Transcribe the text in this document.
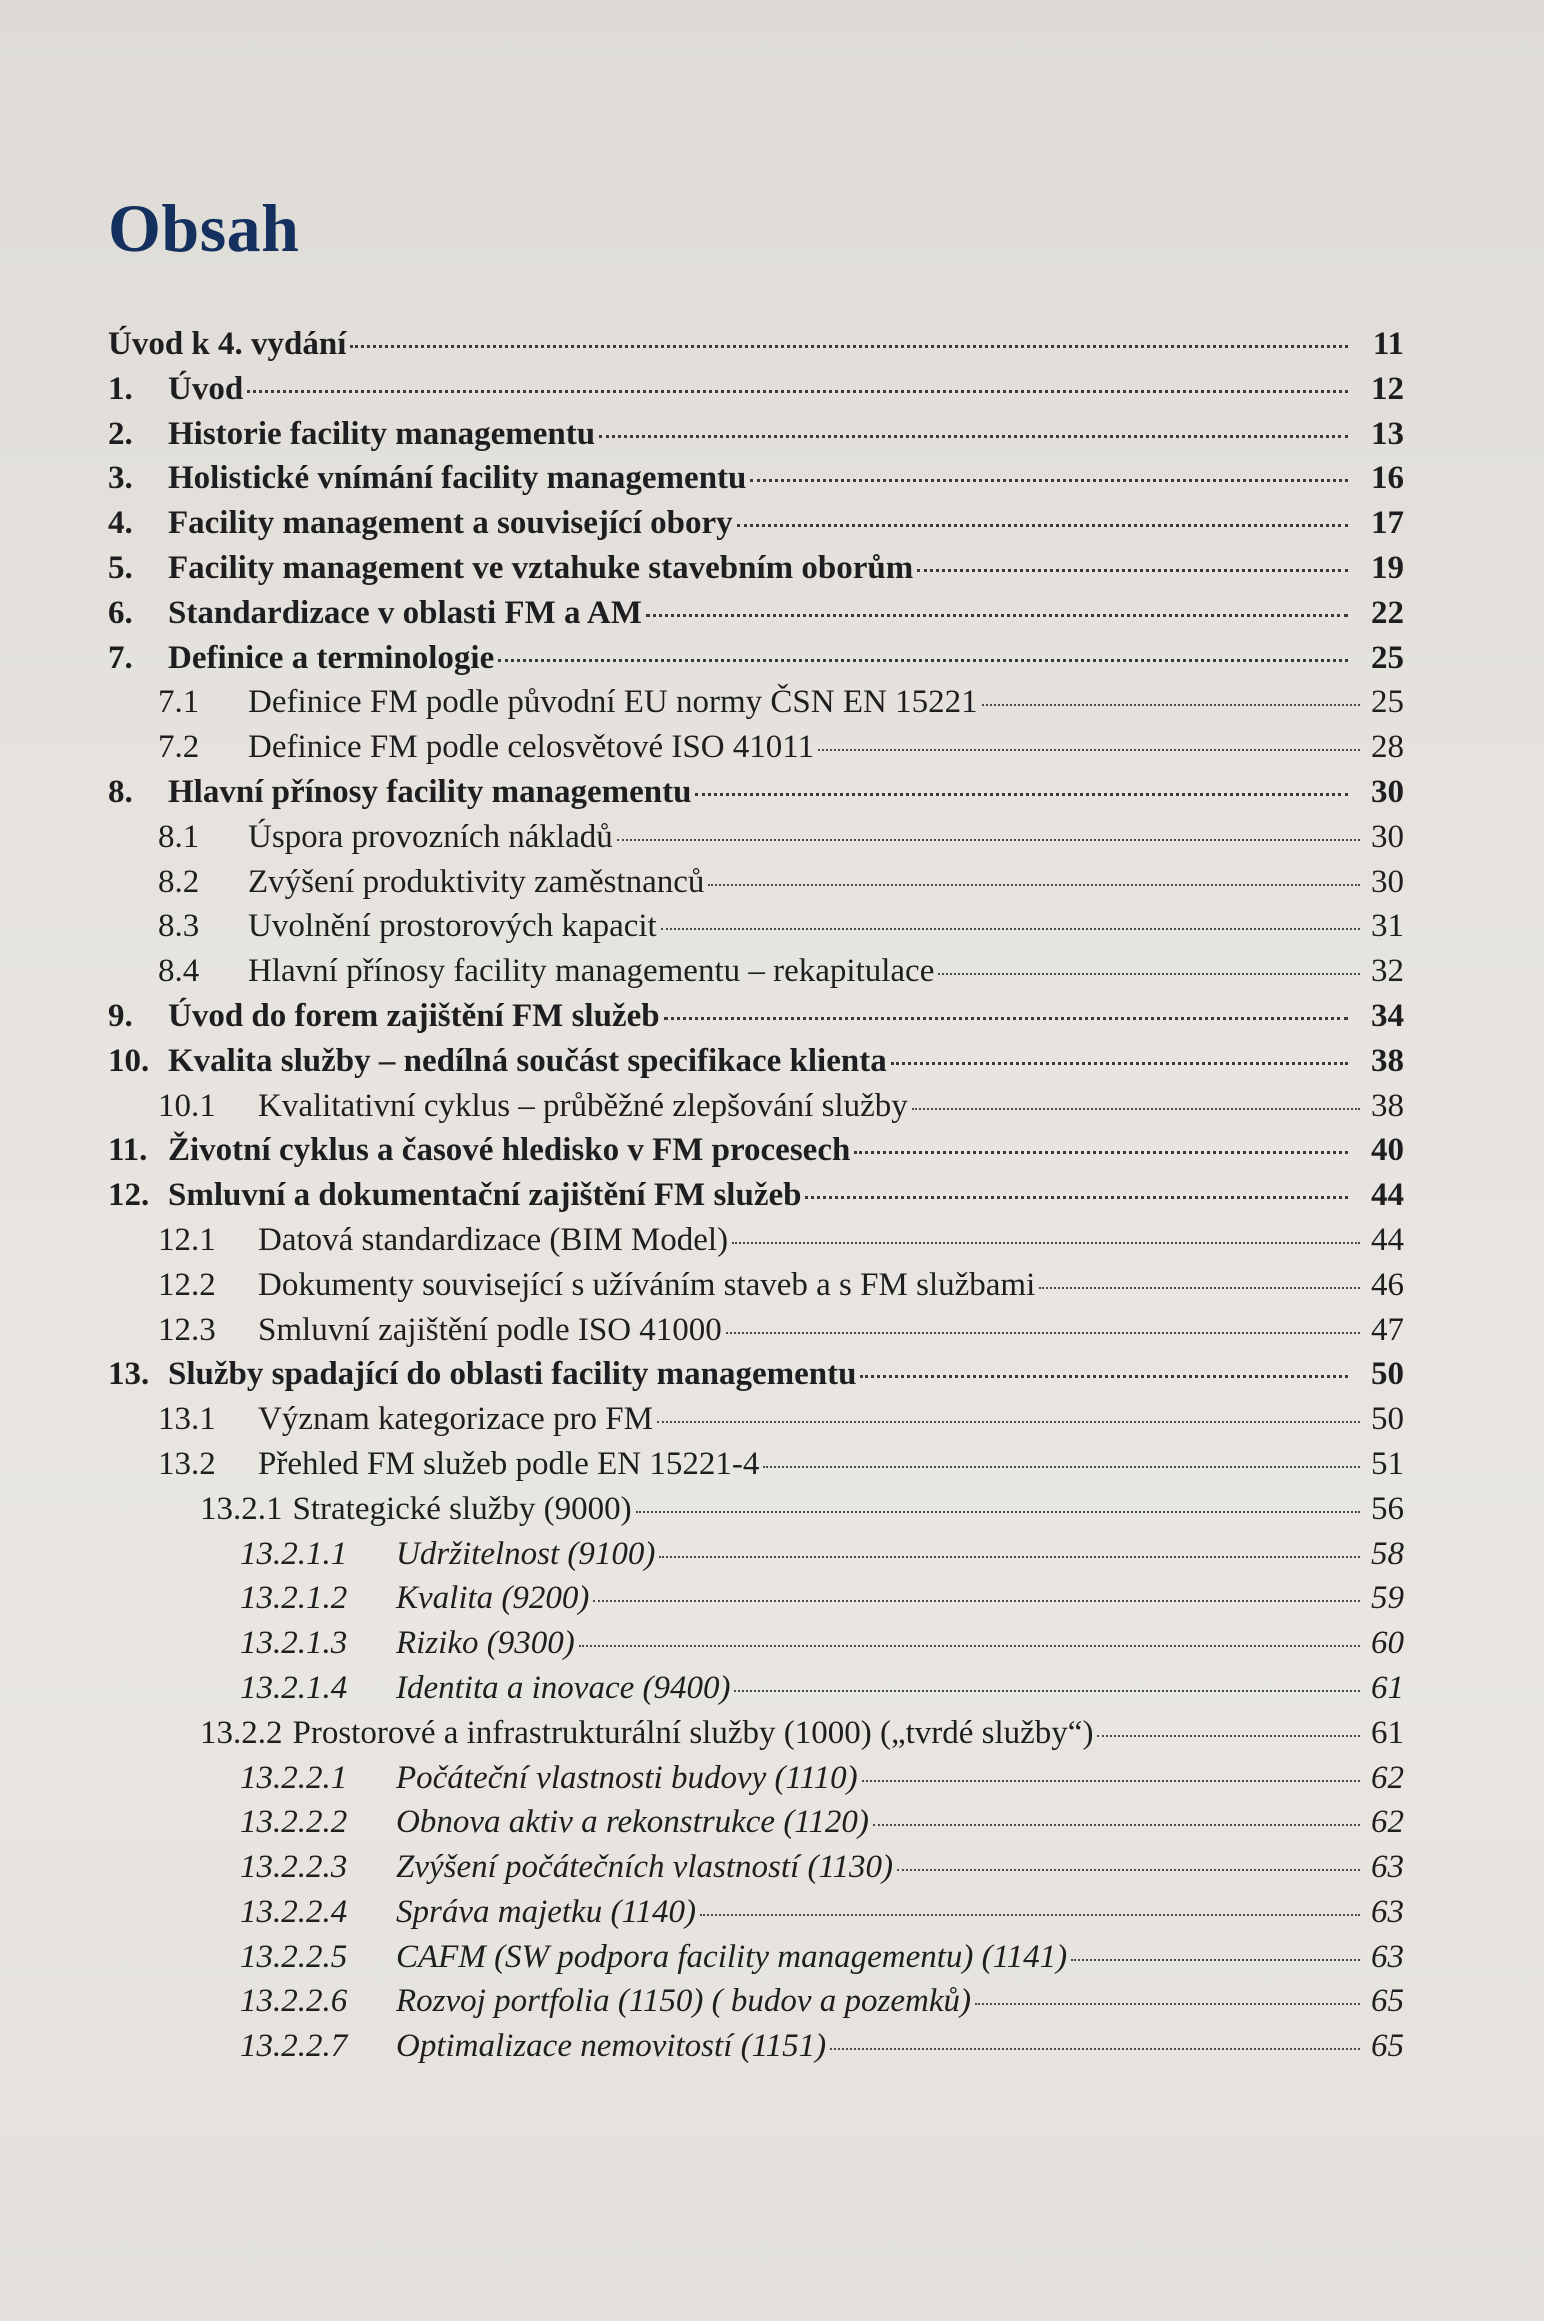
Obsah
Úvod k 4. vydání	11
1.	Úvod	12
2.	Historie facility managementu	13
3.	Holistické vnímání facility managementu	16
4.	Facility management a související obory	17
5.	Facility management ve vztahuke stavebním oborům	19
6.	Standardizace v oblasti FM a AM	22
7.	Definice a terminologie	25
7.1	Definice FM podle původní EU normy ČSN EN 15221	25
7.2	Definice FM podle celosvětové ISO 41011	28
8.	Hlavní přínosy facility managementu	30
8.1	Úspora provozních nákladů	30
8.2	Zvýšení produktivity zaměstnanců	30
8.3	Uvolnění prostorových kapacit	31
8.4	Hlavní přínosy facility managementu – rekapitulace	32
9.	Úvod do forem zajištění FM služeb	34
10. Kvalita služby – nedílná součást specifikace klienta	38
10.1	Kvalitativní cyklus – průběžné zlepšování služby	38
11. Životní cyklus a časové hledisko v FM procesech	40
12. Smluvní a dokumentační zajištění FM služeb	44
12.1	Datová standardizace (BIM Model)	44
12.2	Dokumenty související s užíváním staveb a s FM službami	46
12.3	Smluvní zajištění podle ISO 41000	47
13. Služby spadající do oblasti facility managementu	50
13.1	Význam kategorizace pro FM	50
13.2	Přehled FM služeb podle EN 15221-4	51
13.2.1 Strategické služby (9000)	56
13.2.1.1	Udržitelnost (9100)	58
13.2.1.2	Kvalita (9200)	59
13.2.1.3	Riziko (9300)	60
13.2.1.4	Identita a inovace (9400)	61
13.2.2 Prostorové a infrastrukturální služby (1000) („tvrdé služby“)	61
13.2.2.1	Počáteční vlastnosti budovy (1110)	62
13.2.2.2	Obnova aktiv a rekonstrukce (1120)	62
13.2.2.3	Zvýšení počátečních vlastností (1130)	63
13.2.2.4	Správa majetku (1140)	63
13.2.2.5	CAFM (SW podpora facility managementu) (1141)	63
13.2.2.6	Rozvoj portfolia (1150) ( budov a pozemků)	65
13.2.2.7	Optimalizace nemovitostí (1151)	65
